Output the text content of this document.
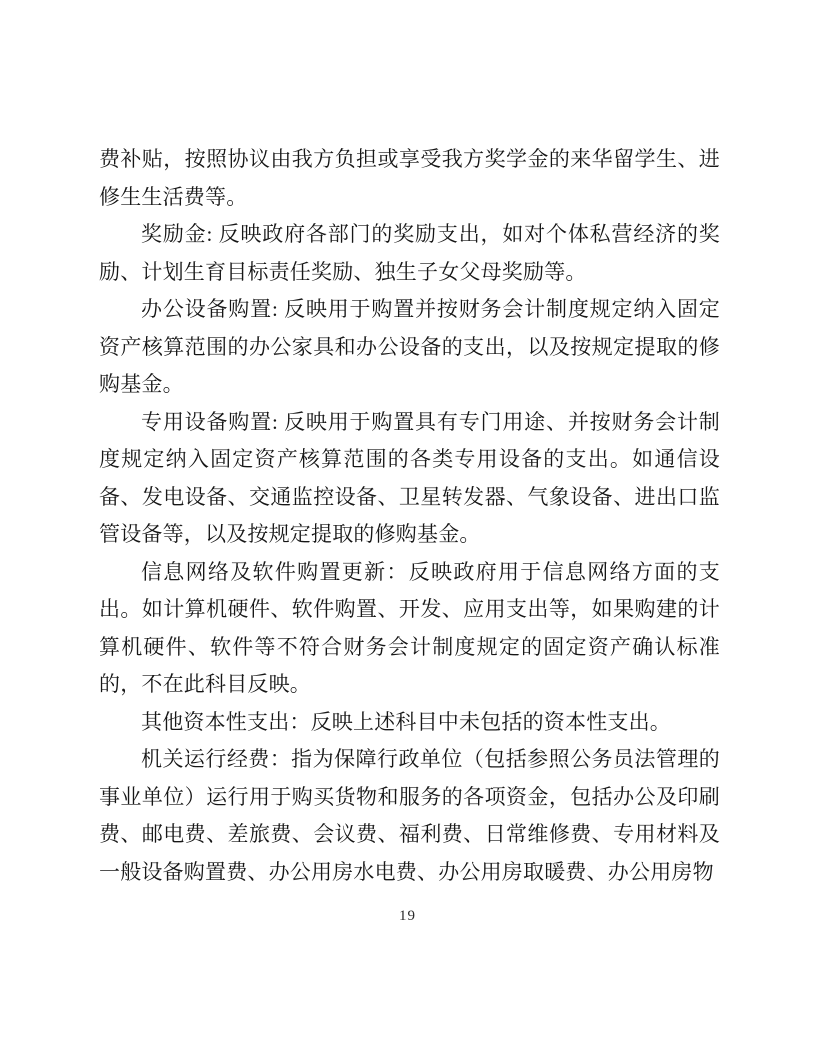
费补贴，按照协议由我方负担或享受我方奖学金的来华留学生、进
修生生活费等。
奖励金: 反映政府各部门的奖励支出，如对个体私营经济的奖
励、计划生育目标责任奖励、独生子女父母奖励等。
办公设备购置: 反映用于购置并按财务会计制度规定纳入固定
资产核算范围的办公家具和办公设备的支出，以及按规定提取的修
购基金。
专用设备购置: 反映用于购置具有专门用途、并按财务会计制
度规定纳入固定资产核算范围的各类专用设备的支出。如通信设
备、发电设备、交通监控设备、卫星转发器、气象设备、进出口监
管设备等，以及按规定提取的修购基金。
信息网络及软件购置更新：反映政府用于信息网络方面的支
出。如计算机硬件、软件购置、开发、应用支出等，如果购建的计
算机硬件、软件等不符合财务会计制度规定的固定资产确认标准
的，不在此科目反映。
其他资本性支出：反映上述科目中未包括的资本性支出。
机关运行经费：指为保障行政单位（包括参照公务员法管理的
事业单位）运行用于购买货物和服务的各项资金，包括办公及印刷
费、邮电费、差旅费、会议费、福利费、日常维修费、专用材料及
一般设备购置费、办公用房水电费、办公用房取暖费、办公用房物
19
